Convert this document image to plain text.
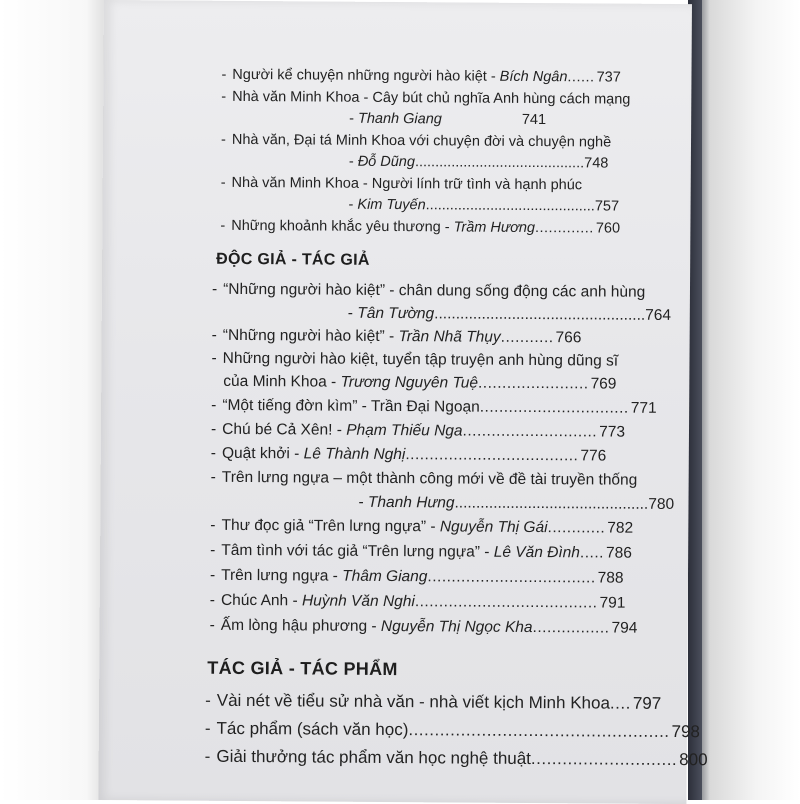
- Người kể chuyện những người hào kiệt - Bích Ngân...... 737
- Nhà văn Minh Khoa - Cây bút chủ nghĩa Anh hùng cách mạng
- Thanh Giang	741
- Nhà văn, Đại tá Minh Khoa với chuyện đời và chuyện nghề
- Đỗ Dũng..........................................748
- Nhà văn Minh Khoa - Người lính trữ tình và hạnh phúc
- Kim Tuyến..........................................757
- Những khoảnh khắc yêu thương - Trầm Hương............. 760
ĐỘC GIẢ - TÁC GIẢ
- “Những người hào kiệt” - chân dung sống động các anh hùng
- Tân Tường.................................................764
- “Những người hào kiệt” - Trần Nhã Thụy........... 766
- Những người hào kiệt, tuyển tập truyện anh hùng dũng sĩ
của Minh Khoa - Trương Nguyên Tuệ....................... 769
- “Một tiếng đờn kìm” - Trần Đại Ngoạn............................... 771
- Chú bé Cả Xên! - Phạm Thiếu Nga............................ 773
- Quật khởi - Lê Thành Nghị.................................... 776
- Trên lưng ngựa – một thành công mới về đề tài truyền thống
- Thanh Hưng.............................................780
- Thư đọc giả “Trên lưng ngựa” - Nguyễn Thị Gái............ 782
- Tâm tình với tác giả “Trên lưng ngựa” - Lê Văn Đình..... 786
- Trên lưng ngựa - Thâm Giang................................... 788
- Chúc Anh - Huỳnh Văn Nghi...................................... 791
- Ấm lòng hậu phương - Nguyễn Thị Ngọc Kha................ 794
TÁC GIẢ - TÁC PHẨM
- Vài nét về tiểu sử nhà văn - nhà viết kịch Minh Khoa.... 797
- Tác phẩm (sách văn học).................................................. 798
- Giải thưởng tác phẩm văn học nghệ thuật............................ 800
